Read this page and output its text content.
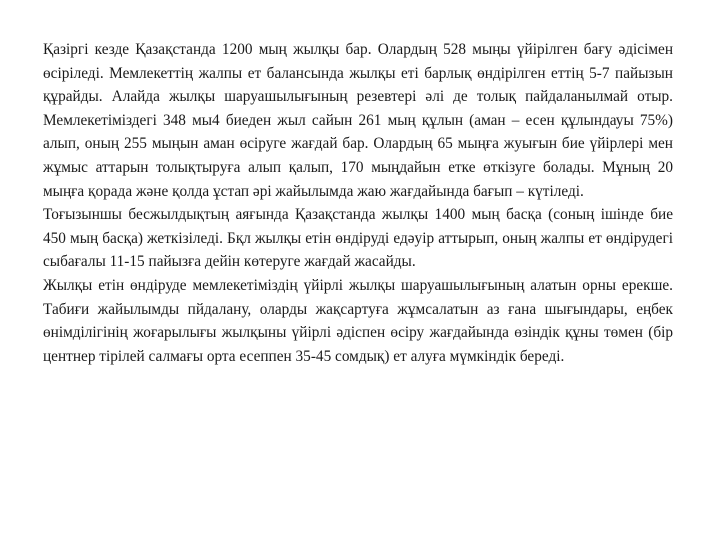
Қазіргі кезде Қазақстанда 1200 мың жылқы бар. Олардың 528 мыңы үйірілген бағу әдісімен өсіріледі. Мемлекеттің жалпы ет балансында жылқы еті барлық өндірілген еттің 5-7 пайызын құрайды. Алайда жылқы шаруашылығының резевтері әлі де толық пайдаланылмай отыр. Мемлекетіміздегі 348 мы4 биеден жыл сайын 261 мың құлын (аман – есен құлындауы 75%) алып, оның 255 мыңын аман өсіруге жағдай бар. Олардың 65 мыңға жуығын бие үйірлері мен жұмыс аттарын толықтыруға алып қалып, 170 мыңдайын етке өткізуге болады. Мұның 20 мыңға қорада және қолда ұстап әрі жайылымда жаю жағдайында бағып – күтіледі.

Тоғызыншы бесжылдықтың аяғында Қазақстанда жылқы 1400 мың басқа (соның ішінде бие 450 мың басқа) жеткізіледі. Бқл жылқы етін өндіруді едәуір аттырып, оның жалпы ет өндірудегі сыбағалы 11-15 пайызға дейін көтеруге жағдай жасайды.

Жылқы етін өндіруде мемлекетіміздің үйірлі жылқы шаруашылығының алатын орны ерекше. Табиғи жайылымды пйдалану, оларды жақсартуға жұмсалатын аз ғана шығындары, еңбек өнімділігінің жоғарылығы жылқыны үйірлі әдіспен өсіру жағдайында өзіндік құны төмен (бір центнер тірілей салмағы орта есеппен 35-45 сомдық) ет алуға мүмкіндік береді.
